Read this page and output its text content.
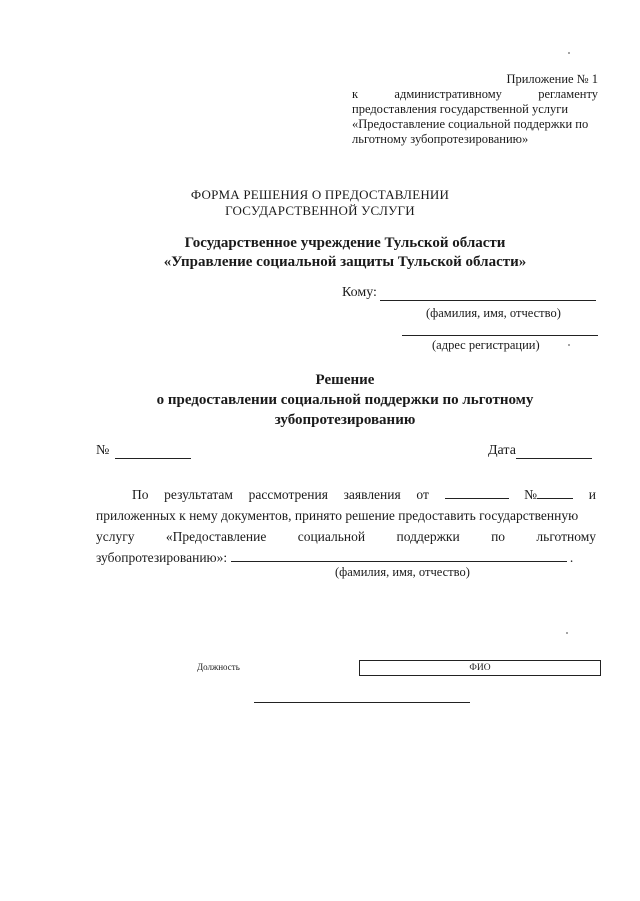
Приложение № 1
к	административному	регламенту
предоставления государственной услуги
«Предоставление социальной поддержки по
льготному зубопротезированию»
ФОРМА РЕШЕНИЯ О ПРЕДОСТАВЛЕНИИ
ГОСУДАРСТВЕННОЙ УСЛУГИ
Государственное учреждение Тульской области
«Управление социальной защиты Тульской области»
Кому:
(фамилия, имя, отчество)
(адрес регистрации)
Решение
о предоставлении социальной поддержки по льготному
зубопротезированию
№	Дата
По результатам рассмотрения заявления от	№	и
приложенных к нему документов, принято решение предоставить государственную
услугу «Предоставление социальной поддержки по льготному
зубопротезированию»:	.
(фамилия, имя, отчество)
Должность	ФИО
